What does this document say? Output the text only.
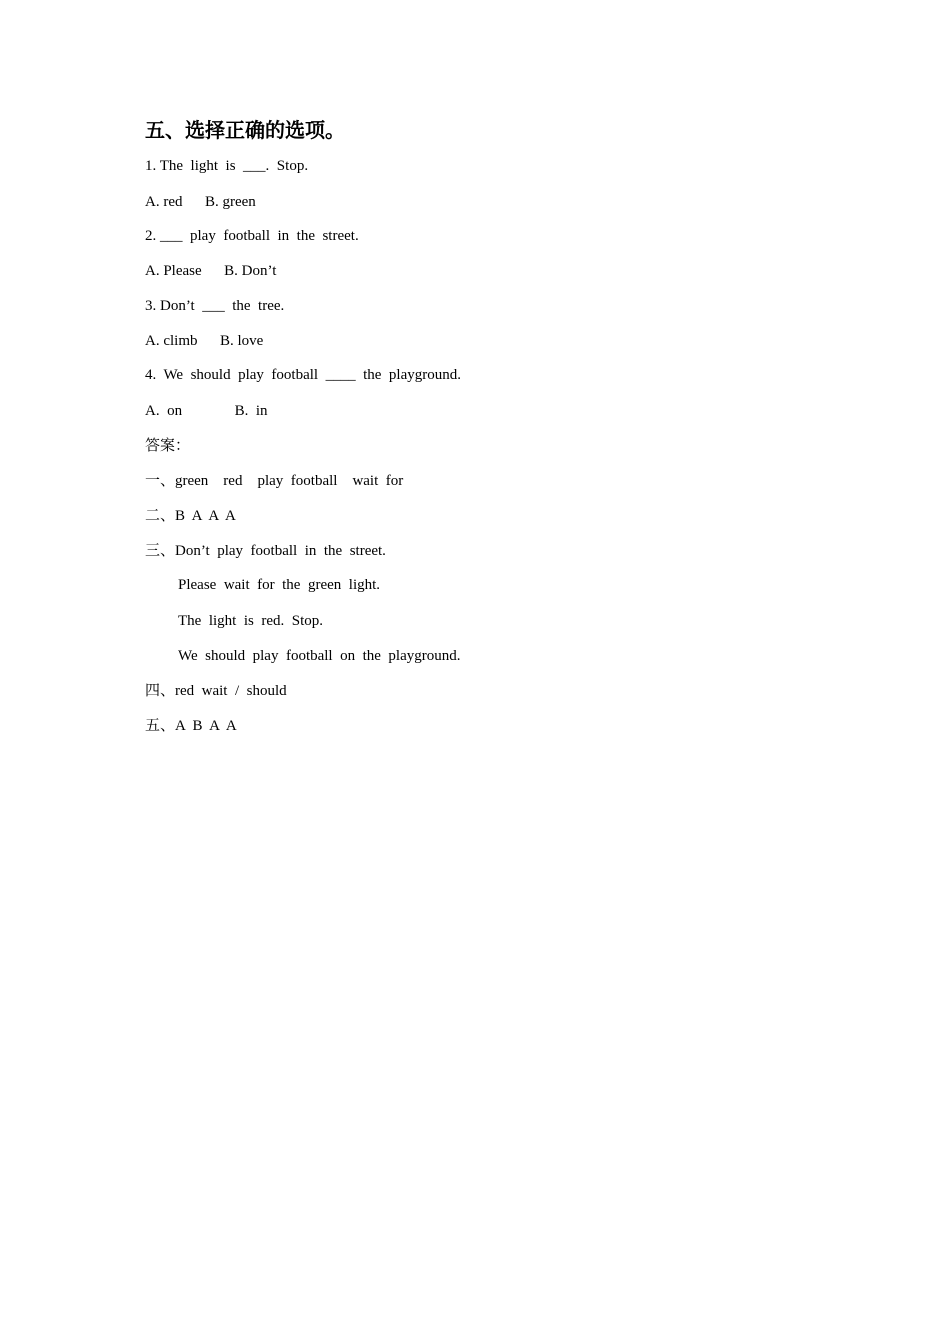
五、选择正确的选项。
1. The  light  is  ___.  Stop.
A. red      B. green
2. ___  play  football  in  the  street.
A. Please      B. Don’t
3. Don’t  ___  the  tree.
A. climb      B. love
4.  We  should  play  football  ____  the  playground.
A.  on              B.  in
答案：
一、green    red    play  football    wait  for
二、B  A  A  A
三、Don’t  play  football  in  the  street.
Please  wait  for  the  green  light.
The  light  is  red.  Stop.
We  should  play  football  on  the  playground.
四、red  wait  /  should
五、A  B  A  A
